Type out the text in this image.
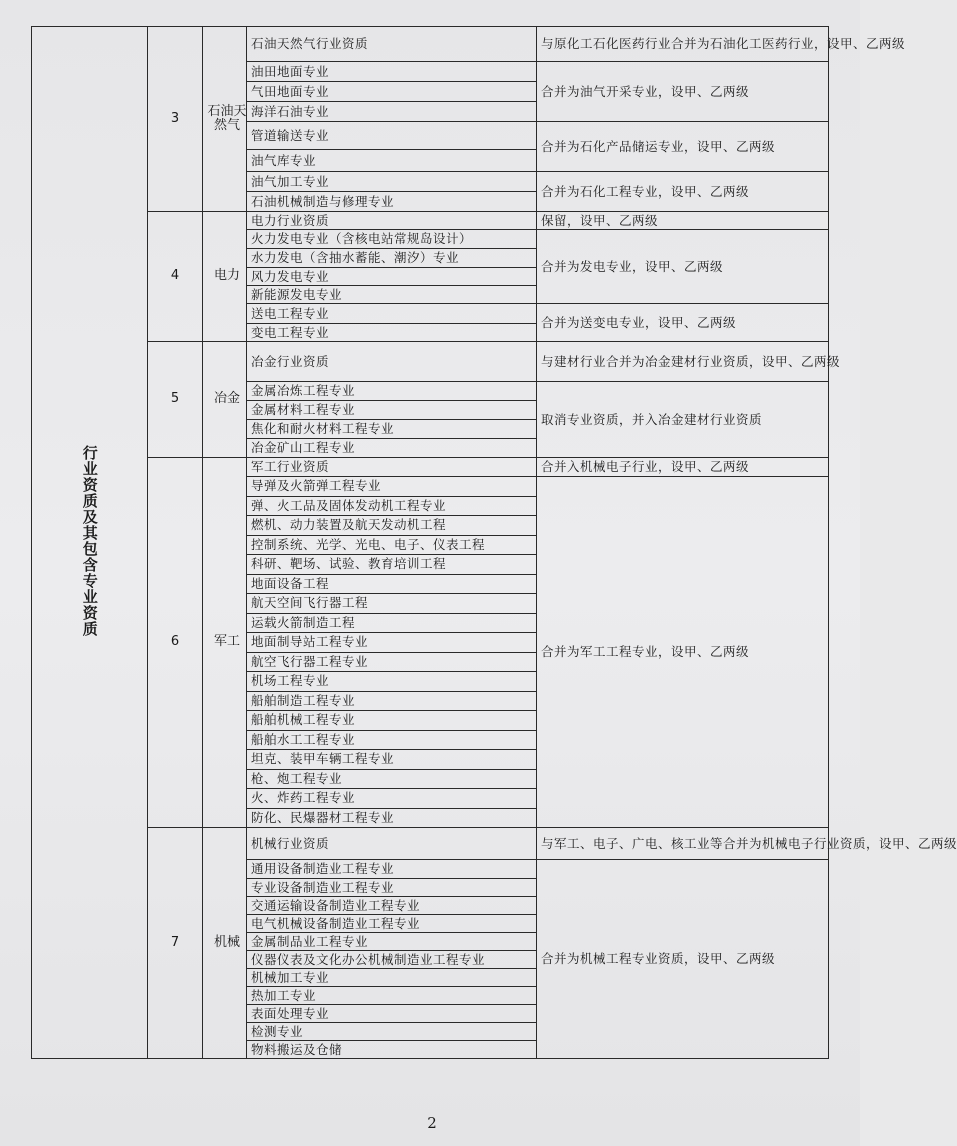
行业资质及其包含专业资质	3	石油天然气	石油天然气行业资质	与原化工石化医药行业合并为石油化工医药行业，设甲、乙两级
			油田地面专业	合并为油气开采专业，设甲、乙两级
			气田地面专业	
			海洋石油专业	
			管道输送专业	合并为石化产品储运专业，设甲、乙两级
			油气库专业	
			油气加工专业	合并为石化工程专业，设甲、乙两级
			石油机械制造与修理专业	
	4	电力	电力行业资质	保留，设甲、乙两级
			火力发电专业（含核电站常规岛设计）	合并为发电专业，设甲、乙两级
			水力发电（含抽水蓄能、潮汐）专业	
			风力发电专业	
			新能源发电专业	
			送电工程专业	合并为送变电专业，设甲、乙两级
			变电工程专业	
	5	冶金	冶金行业资质	与建材行业合并为冶金建材行业资质，设甲、乙两级
			金属冶炼工程专业	取消专业资质，并入冶金建材行业资质
			金属材料工程专业	
			焦化和耐火材料工程专业	
			冶金矿山工程专业	
	6	军工	军工行业资质	合并入机械电子行业，设甲、乙两级
			导弹及火箭弹工程专业	合并为军工工程专业，设甲、乙两级
			弹、火工品及固体发动机工程专业	
			燃机、动力装置及航天发动机工程	
			控制系统、光学、光电、电子、仪表工程	
			科研、靶场、试验、教育培训工程	
			地面设备工程	
			航天空间飞行器工程	
			运载火箭制造工程	
			地面制导站工程专业	
			航空飞行器工程专业	
			机场工程专业	
			船舶制造工程专业	
			船舶机械工程专业	
			船舶水工工程专业	
			坦克、装甲车辆工程专业	
			枪、炮工程专业	
			火、炸药工程专业	
			防化、民爆器材工程专业	
	7	机械	机械行业资质	与军工、电子、广电、核工业等合并为机械电子行业资质，设甲、乙两级
			通用设备制造业工程专业	合并为机械工程专业资质，设甲、乙两级
			专业设备制造业工程专业	
			交通运输设备制造业工程专业	
			电气机械设备制造业工程专业	
			金属制品业工程专业	
			仪器仪表及文化办公机械制造业工程专业	
			机械加工专业	
			热加工专业	
			表面处理专业	
			检测专业	
			物料搬运及仓储	
2
